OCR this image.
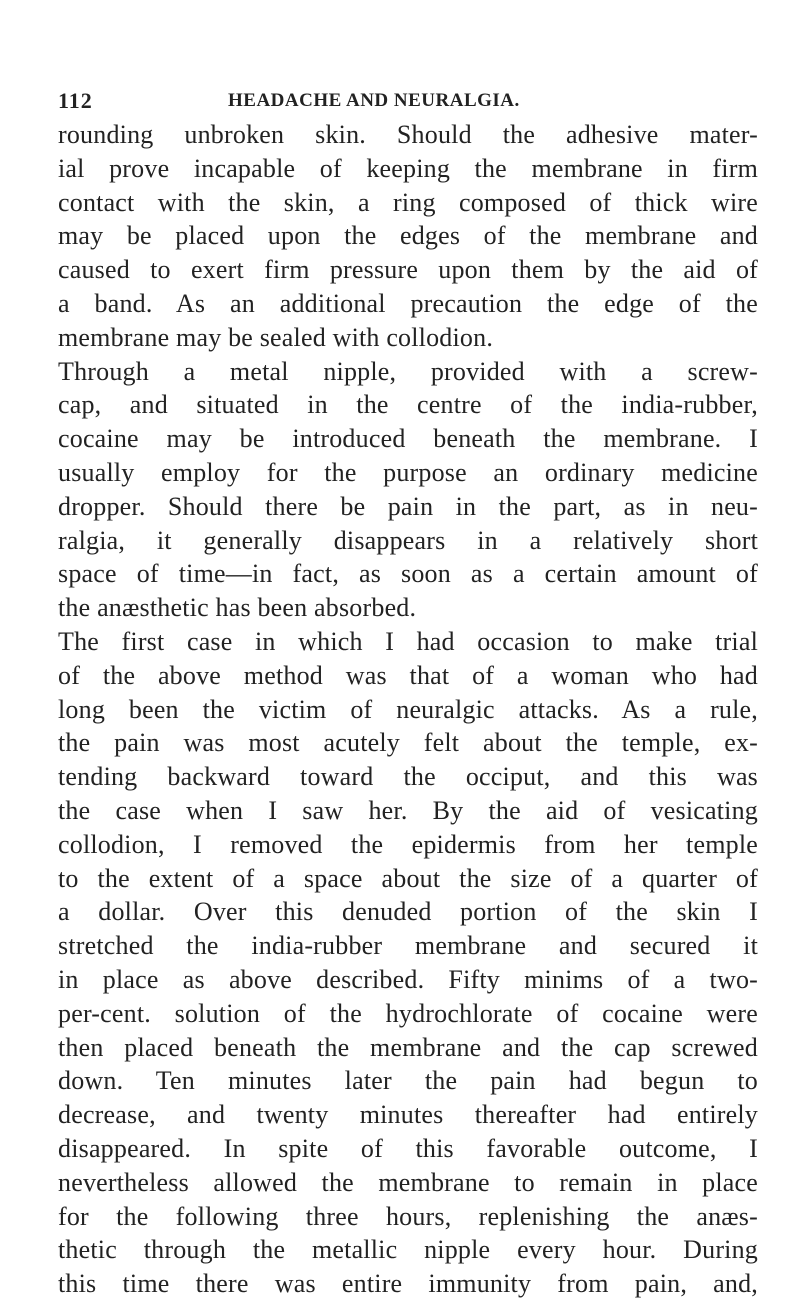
112	HEADACHE AND NEURALGIA.
rounding unbroken skin. Should the adhesive mater-
ial prove incapable of keeping the membrane in firm
contact with the skin, a ring composed of thick wire
may be placed upon the edges of the membrane and
caused to exert firm pressure upon them by the aid of
a band. As an additional precaution the edge of the
membrane may be sealed with collodion.
Through a metal nipple, provided with a screw-
cap, and situated in the centre of the india-rubber,
cocaine may be introduced beneath the membrane. I
usually employ for the purpose an ordinary medicine
dropper. Should there be pain in the part, as in neu-
ralgia, it generally disappears in a relatively short
space of time—in fact, as soon as a certain amount of
the anæsthetic has been absorbed.
The first case in which I had occasion to make trial
of the above method was that of a woman who had
long been the victim of neuralgic attacks. As a rule,
the pain was most acutely felt about the temple, ex-
tending backward toward the occiput, and this was
the case when I saw her. By the aid of vesicating
collodion, I removed the epidermis from her temple
to the extent of a space about the size of a quarter of
a dollar. Over this denuded portion of the skin I
stretched the india-rubber membrane and secured it
in place as above described. Fifty minims of a two-
per-cent. solution of the hydrochlorate of cocaine were
then placed beneath the membrane and the cap screwed
down. Ten minutes later the pain had begun to
decrease, and twenty minutes thereafter had entirely
disappeared. In spite of this favorable outcome, I
nevertheless allowed the membrane to remain in place
for the following three hours, replenishing the anæs-
thetic through the metallic nipple every hour. During
this time there was entire immunity from pain, and,
